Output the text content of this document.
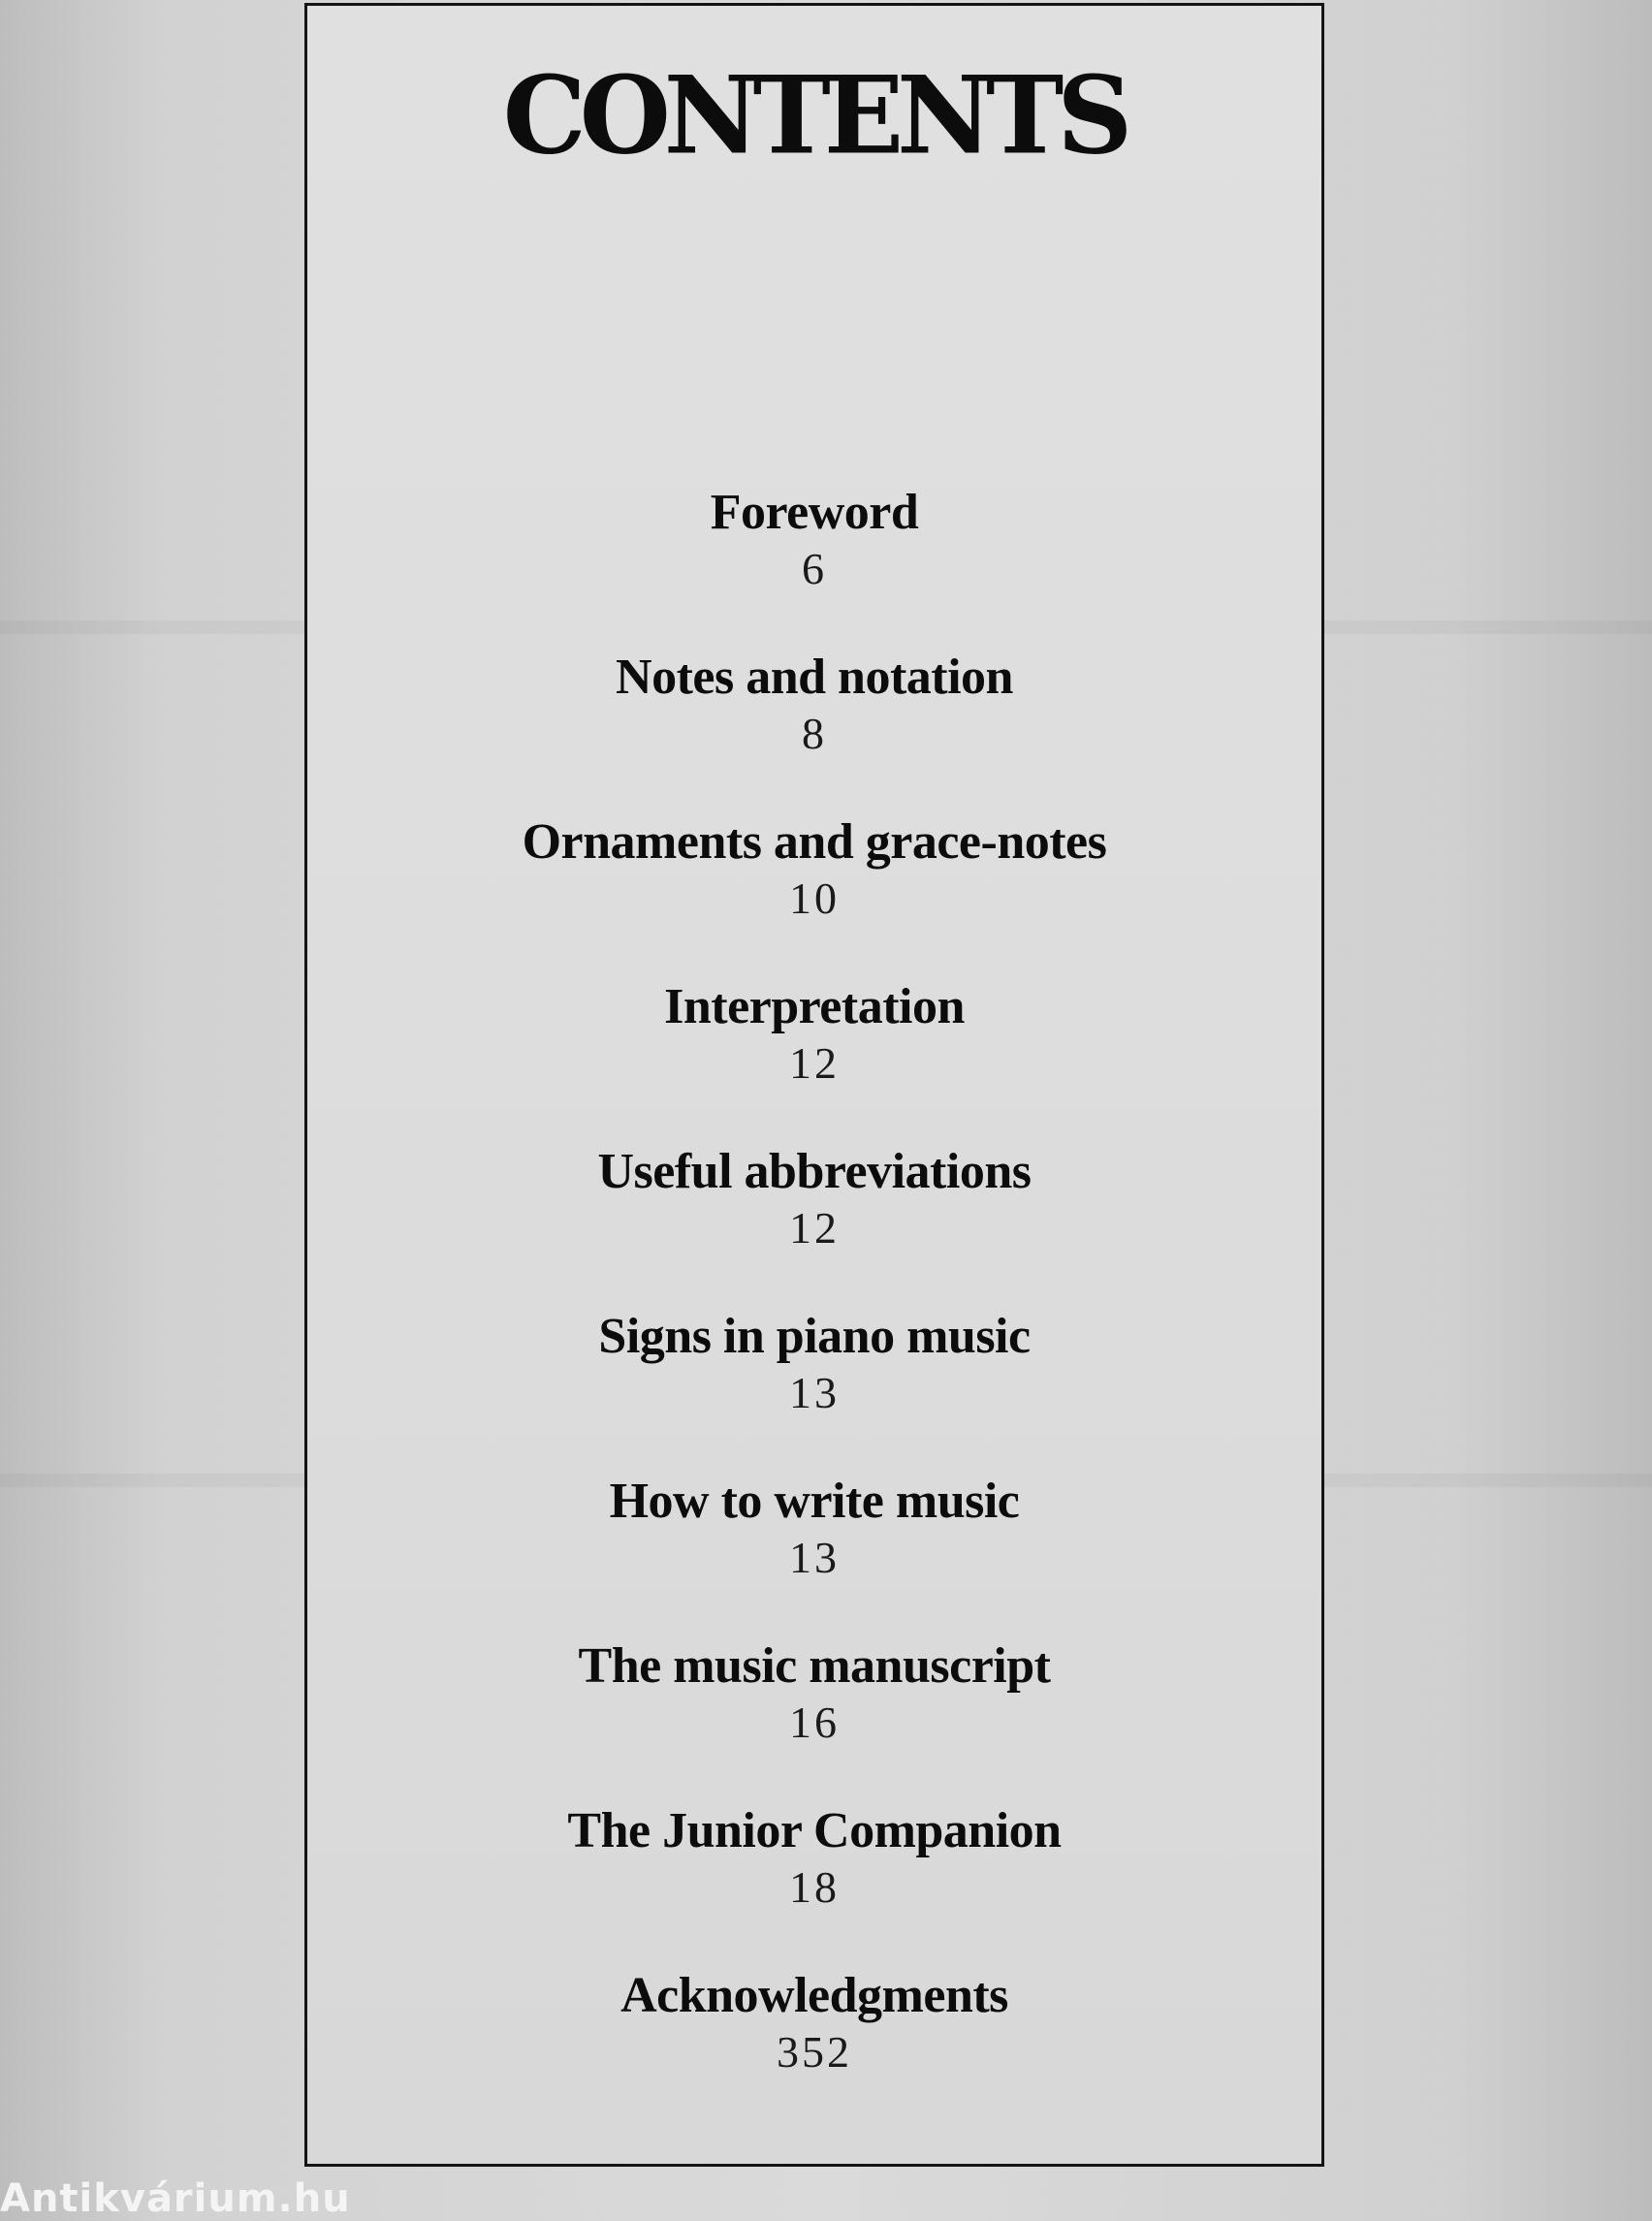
CONTENTS
Foreword
6
Notes and notation
8
Ornaments and grace-notes
10
Interpretation
12
Useful abbreviations
12
Signs in piano music
13
How to write music
13
The music manuscript
16
The Junior Companion
18
Acknowledgments
352
Antikvárium.hu
